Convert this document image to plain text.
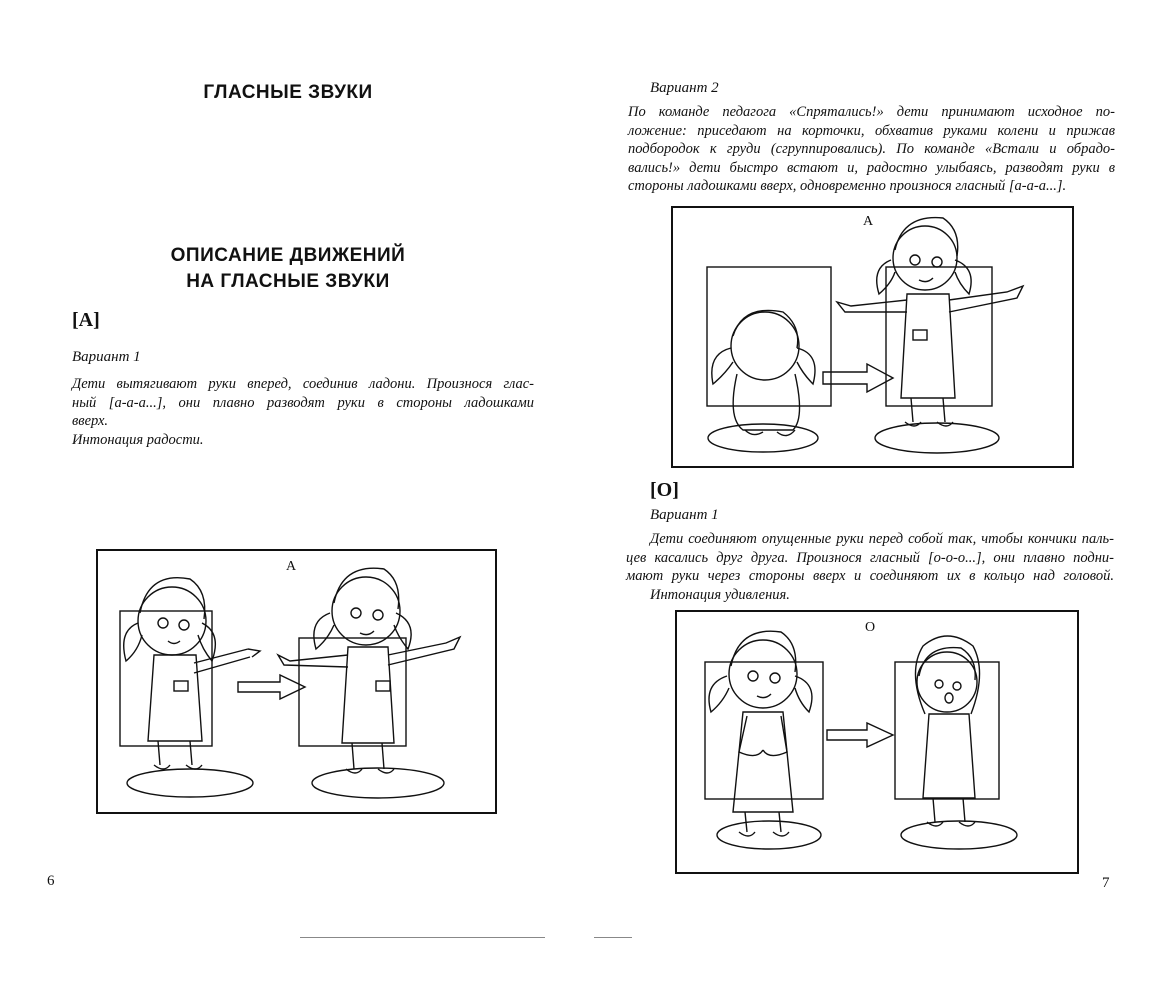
ГЛАСНЫЕ ЗВУКИ
ОПИСАНИЕ ДВИЖЕНИЙ
НА ГЛАСНЫЕ ЗВУКИ
[А]
Вариант 1
Дети вытягивают руки вперед, соединив ладони. Произнося глас-
ный [а-а-а...], они плавно разводят руки в стороны ладошками
вверх.
Интонация радости.
А
6
Вариант 2
По команде педагога «Спрятались!» дети принимают исходное по-
ложение: приседают на корточки, обхватив руками колени и прижав
подбородок к груди (сгруппировались). По команде «Встали и обрадо-
вались!» дети быстро встают и, радостно улыбаясь, разводят руки в
стороны ладошками вверх, одновременно произнося гласный [а-а-а...].
А
[О]
Вариант 1
Дети соединяют опущенные руки перед собой так, чтобы кончики паль-
цев касались друг друга. Произнося гласный [о-о-о...], они плавно подни-
мают руки через стороны вверх и соединяют их в кольцо над головой.
Интонация удивления.
О
7
